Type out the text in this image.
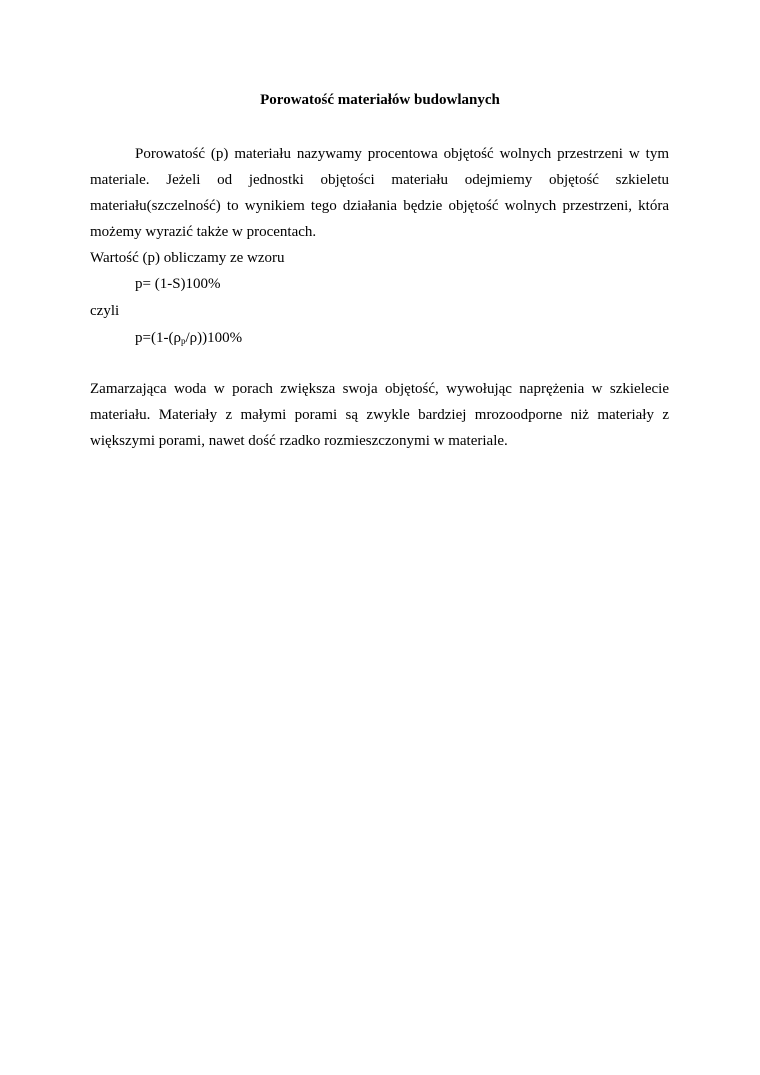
Porowatość materiałów budowlanych

Porowatość (p) materiału nazywamy procentowa objętość wolnych przestrzeni w tym materiale. Jeżeli od jednostki objętości materiału odejmiemy objętość szkieletu materiału(szczelność) to wynikiem tego działania będzie objętość wolnych przestrzeni, która możemy wyrazić także w procentach.

Wartość (p) obliczamy ze wzoru

p= (1-S)100%

czyli

$p=(1-(\rho_p/\rho))100\%$

Zamarzająca woda w porach zwiększa swoja objętość, wywołując naprężenia w szkielecie materiału. Materiały z małymi porami są zwykle bardziej mrozoodporne niż materiały z większymi porami, nawet dość rzadko rozmieszczonymi w materiale.
